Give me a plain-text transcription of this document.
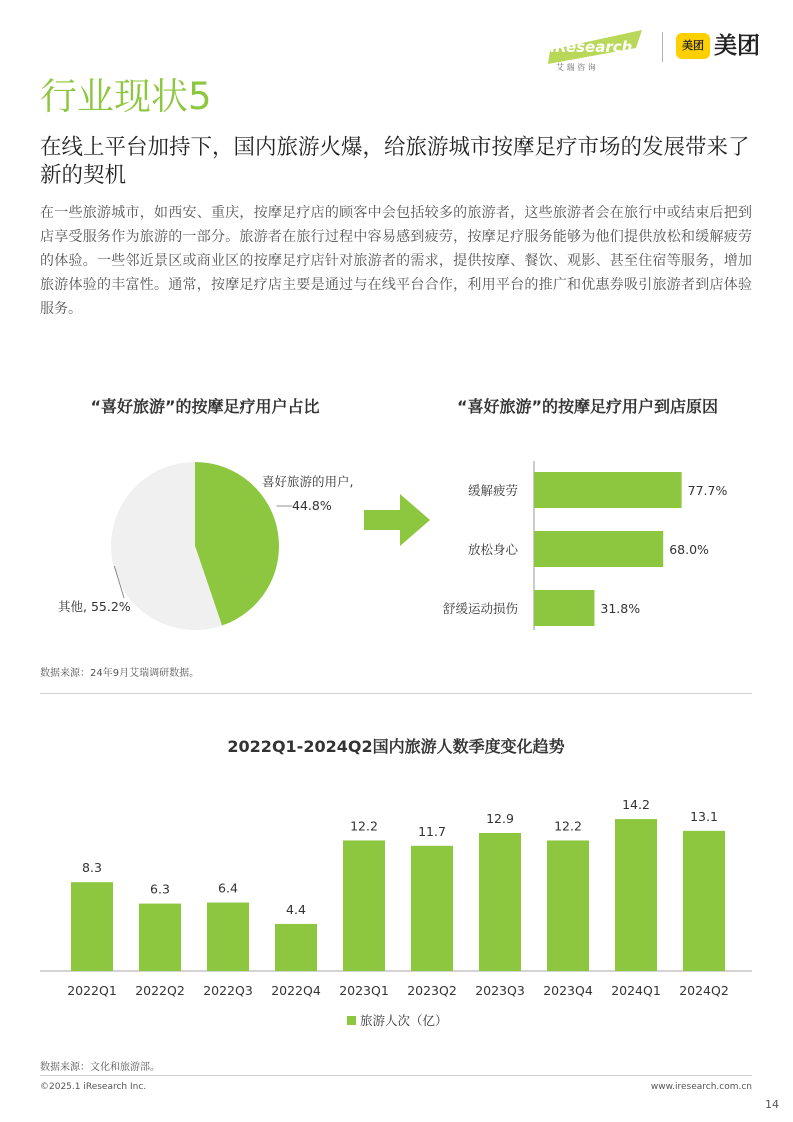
iResearch
艾 瑞 咨 询
美团 美团
行业现状5
在线上平台加持下，国内旅游火爆，给旅游城市按摩足疗市场的发展带来了新的契机
在一些旅游城市，如西安、重庆，按摩足疗店的顾客中会包括较多的旅游者，这些旅游者会在旅行中或结束后把到店享受服务作为旅游的一部分。旅游者在旅行过程中容易感到疲劳，按摩足疗服务能够为他们提供放松和缓解疲劳的体验。一些邻近景区或商业区的按摩足疗店针对旅游者的需求，提供按摩、餐饮、观影、甚至住宿等服务，增加旅游体验的丰富性。通常，按摩足疗店主要是通过与在线平台合作，利用平台的推广和优惠券吸引旅游者到店体验服务。
“喜好旅游”的按摩足疗用户占比	“喜好旅游”的按摩足疗用户到店原因
2022Q1-2024Q2国内旅游人数季度变化趋势
喜好旅游的用户,
44.8%
其他, 55.2%
缓解疲劳	77.7%
放松身心	68.0%
舒缓运动损伤	31.8%
数据来源：24年9月艾瑞调研数据。
8.3
2022Q1
6.3
2022Q2
6.4
2022Q3
4.4
2022Q4
12.2
2023Q1
11.7
2023Q2
12.9
2023Q3
12.2
2023Q4
14.2
2024Q1
13.1
2024Q2
旅游人次（亿）
数据来源：文化和旅游部。
©2025.1 iResearch Inc.	www.iresearch.com.cn
14
